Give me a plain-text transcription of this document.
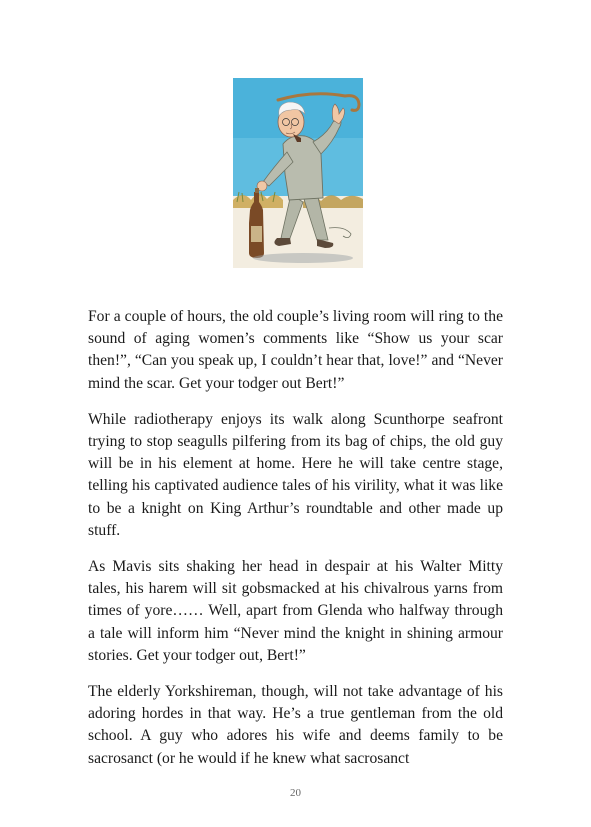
For a couple of hours, the old couple’s living room will ring to the sound of aging women’s comments like “Show us your scar then!”, “Can you speak up, I couldn’t hear that, love!” and “Never mind the scar. Get your todger out Bert!”

While radiotherapy enjoys its walk along Scunthorpe seafront trying to stop seagulls pilfering from its bag of chips, the old guy will be in his element at home. Here he will take centre stage, telling his captivated audience tales of his virility, what it was like to be a knight on King Arthur’s roundtable and other made up stuff.

As Mavis sits shaking her head in despair at his Walter Mitty tales, his harem will sit gobsmacked at his chivalrous yarns from times of yore…… Well, apart from Glenda who halfway through a tale will inform him “Never mind the knight in shining armour stories. Get your todger out, Bert!”

The elderly Yorkshireman, though, will not take advantage of his adoring hordes in that way. He’s a true gentleman from the old school. A guy who adores his wife and deems family to be sacrosanct (or he would if he knew what sacrosanct

20
